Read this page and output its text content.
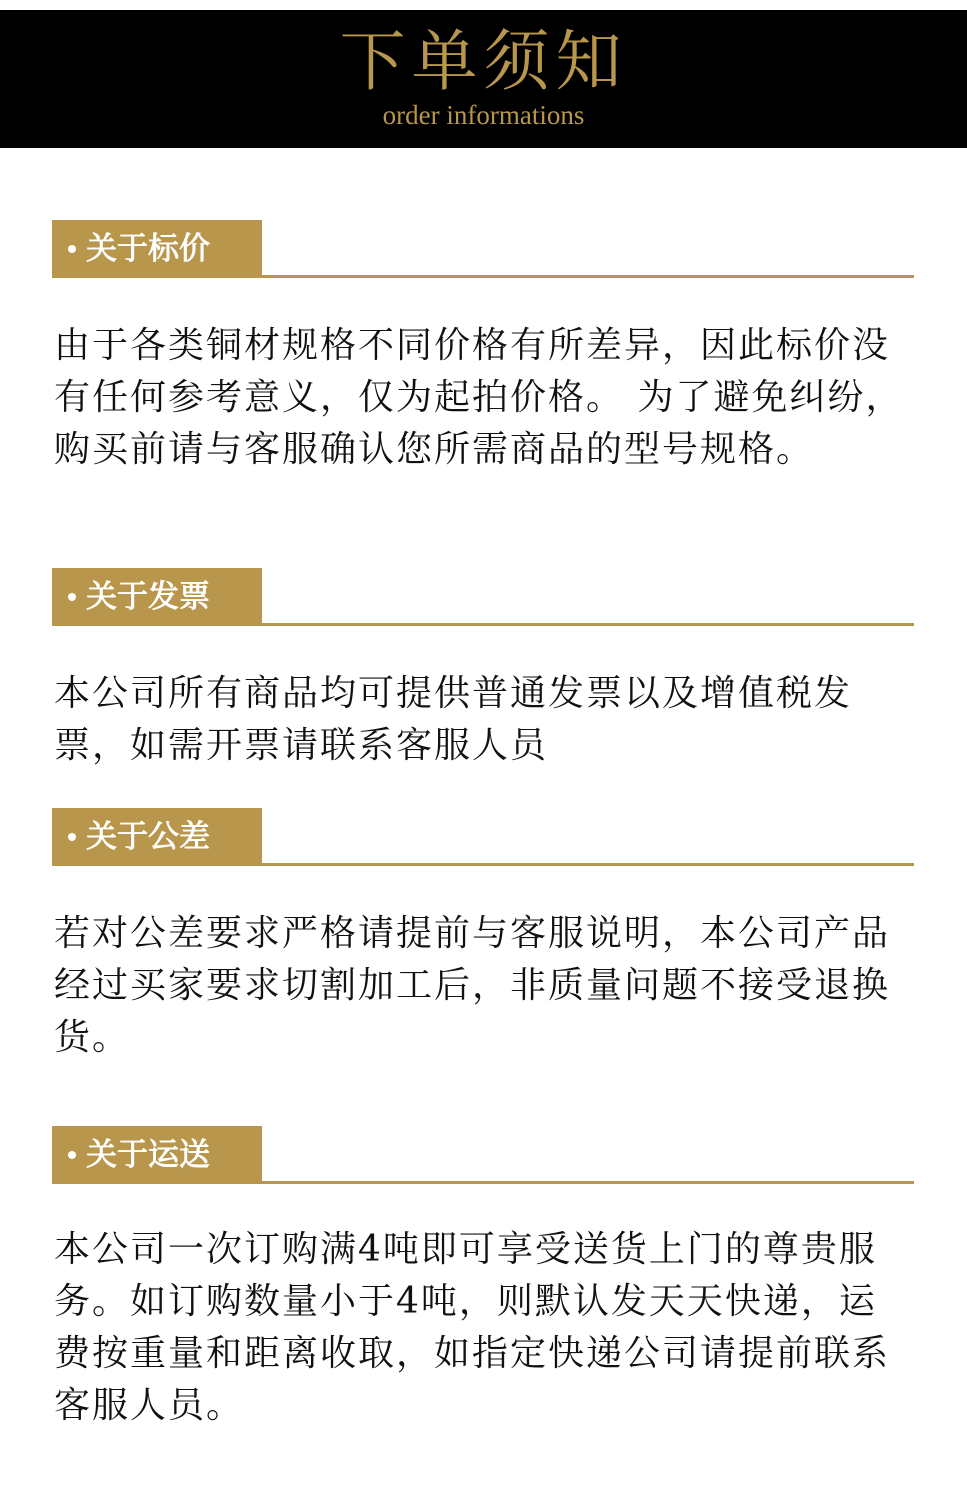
下单须知
order informations
关于标价
由于各类铜材规格不同价格有所差异，因此标价没有任何参考意义，仅为起拍价格。 为了避免纠纷，购买前请与客服确认您所需商品的型号规格。
关于发票
本公司所有商品均可提供普通发票以及增值税发票，如需开票请联系客服人员
关于公差
若对公差要求严格请提前与客服说明，本公司产品经过买家要求切割加工后，非质量问题不接受退换货。
关于运送
本公司一次订购满4吨即可享受送货上门的尊贵服务。如订购数量小于4吨，则默认发天天快递，运费按重量和距离收取，如指定快递公司请提前联系客服人员。
